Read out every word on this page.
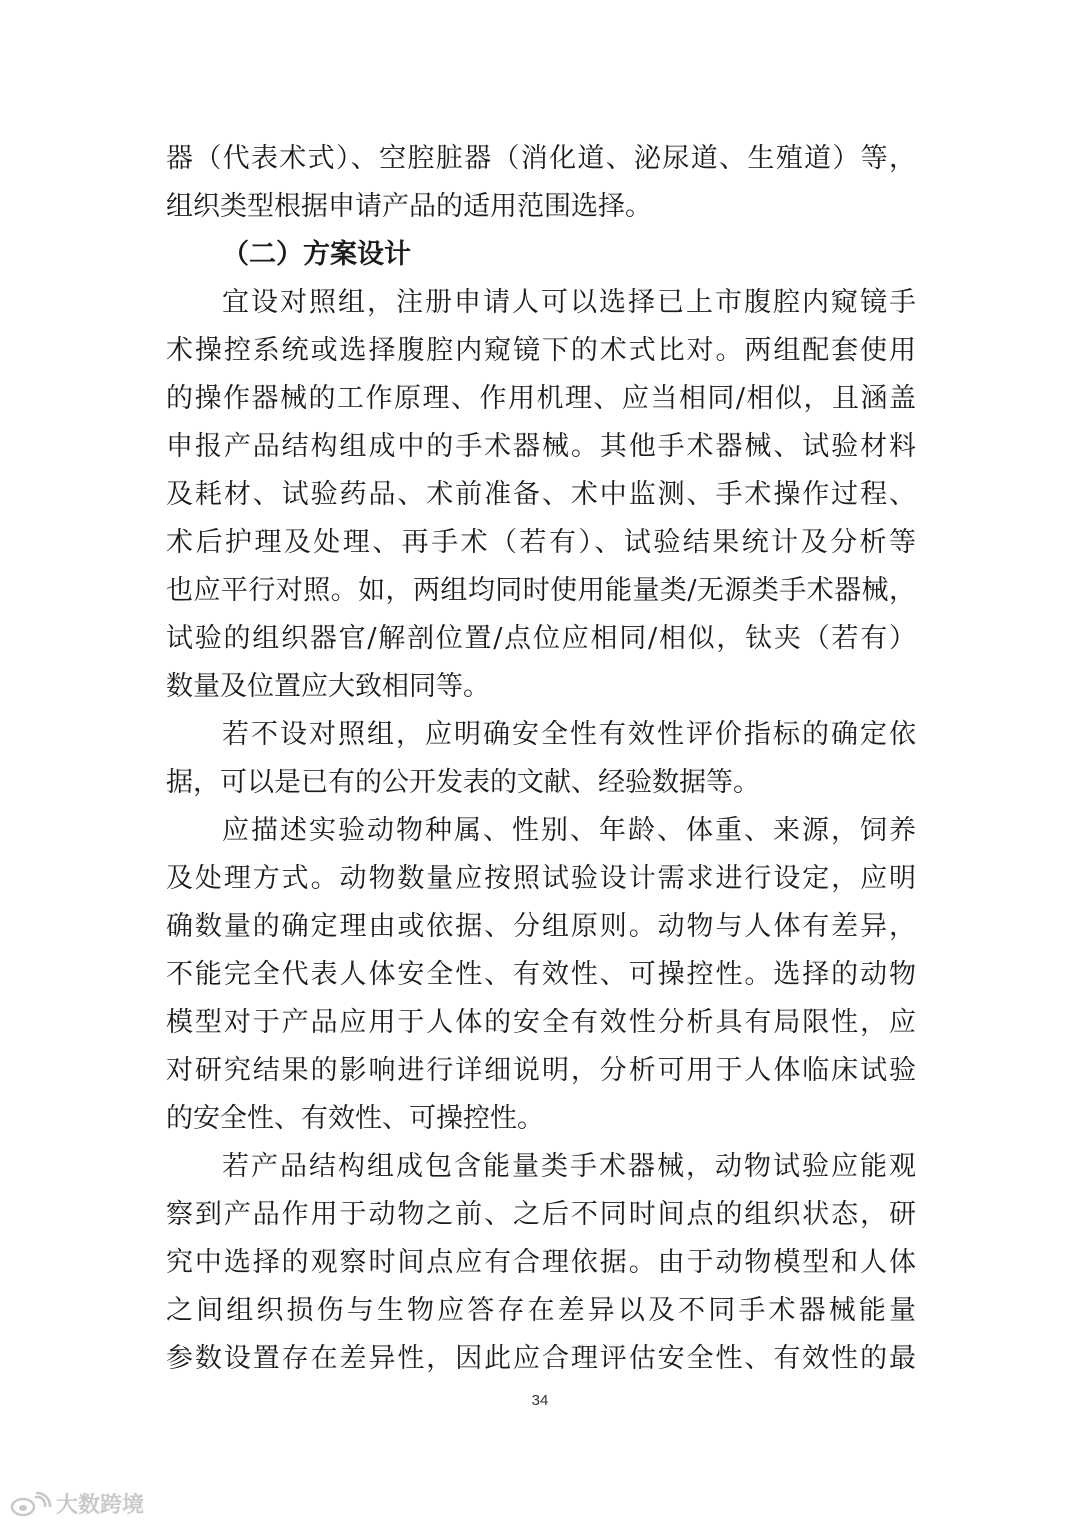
器（代表术式）、空腔脏器（消化道、泌尿道、生殖道）等，
组织类型根据申请产品的适用范围选择。
（二）方案设计
宜设对照组，注册申请人可以选择已上市腹腔内窥镜手
术操控系统或选择腹腔内窥镜下的术式比对。两组配套使用
的操作器械的工作原理、作用机理、应当相同/相似，且涵盖
申报产品结构组成中的手术器械。其他手术器械、试验材料
及耗材、试验药品、术前准备、术中监测、手术操作过程、
术后护理及处理、再手术（若有）、试验结果统计及分析等
也应平行对照。如，两组均同时使用能量类/无源类手术器械，
试验的组织器官/解剖位置/点位应相同/相似，钛夹（若有）
数量及位置应大致相同等。
若不设对照组，应明确安全性有效性评价指标的确定依
据，可以是已有的公开发表的文献、经验数据等。
应描述实验动物种属、性别、年龄、体重、来源，饲养
及处理方式。动物数量应按照试验设计需求进行设定，应明
确数量的确定理由或依据、分组原则。动物与人体有差异，
不能完全代表人体安全性、有效性、可操控性。选择的动物
模型对于产品应用于人体的安全有效性分析具有局限性，应
对研究结果的影响进行详细说明，分析可用于人体临床试验
的安全性、有效性、可操控性。
若产品结构组成包含能量类手术器械，动物试验应能观
察到产品作用于动物之前、之后不同时间点的组织状态，研
究中选择的观察时间点应有合理依据。由于动物模型和人体
之间组织损伤与生物应答存在差异以及不同手术器械能量
参数设置存在差异性，因此应合理评估安全性、有效性的最
34
大数跨境
